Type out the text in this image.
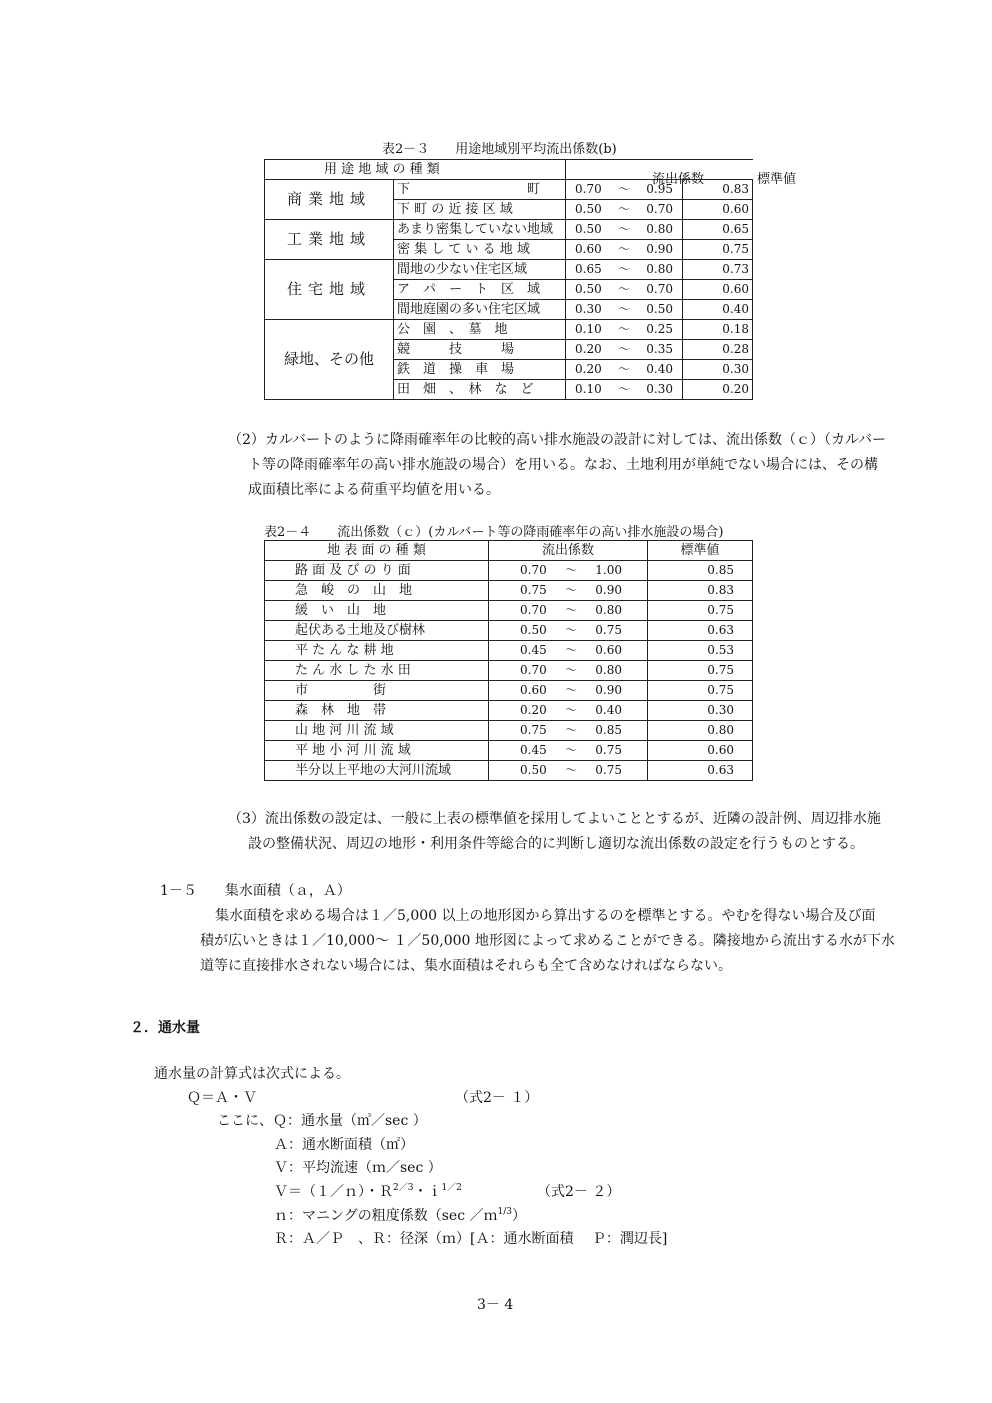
表2－３　　用途地域別平均流出係数(b)
用 途 地 域 の 種 類		流出係数 標準値	

商業地域	下　　　　　　　　　町	0.70 ～ 0.95	0.83

下 町 の 近 接 区 域	0.50 ～ 0.70	0.60
工業地域	あまり密集していない地域	0.50 ～ 0.80	0.65

密 集 し て い る 地 域	0.60 ～ 0.90	0.75
住宅地域	間地の少ない住宅区域	0.65 ～ 0.80	0.73

ア　パ　ー　ト　区　域	0.50 ～ 0.70	0.60

間地庭園の多い住宅区域	0.30 ～ 0.50	0.40
緑地、その他	公　園　、　墓　地	0.10 ～ 0.25	0.18

競　　　技　　　場	0.20 ～ 0.35	0.28

鉄　道　操　車　場	0.20 ～ 0.40	0.30

田　畑　、　林　な　ど	0.10 ～ 0.30	0.20
（2）カルバートのように降雨確率年の比較的高い排水施設の設計に対しては、流出係数（ｃ）（カルバー
ト等の降雨確率年の高い排水施設の場合）を用いる。なお、土地利用が単純でない場合には、その構
成面積比率による荷重平均値を用いる。
表2－４　　流出係数（ｃ）(カルバート等の降雨確率年の高い排水施設の場合)
地 表 面 の 種 類	流出係数	標準値

路 面 及 び の り 面	0.70 ～ 1.00	0.85

急　峻　の　山　地	0.75 ～ 0.90	0.83

緩　い　山　地	0.70 ～ 0.80	0.75

起伏ある土地及び樹林	0.50 ～ 0.75	0.63

平 た ん な 耕 地	0.45 ～ 0.60	0.53

た ん 水 し た 水 田	0.70 ～ 0.80	0.75

市　　　　　街	0.60 ～ 0.90	0.75

森　林　地　帯	0.20 ～ 0.40	0.30

山 地 河 川 流 域	0.75 ～ 0.85	0.80

平 地 小 河 川 流 域	0.45 ～ 0.75	0.60

半分以上平地の大河川流域	0.50 ～ 0.75	0.63
（3）流出係数の設定は、一般に上表の標準値を採用してよいこととするが、近隣の設計例、周辺排水施
設の整備状況、周辺の地形・利用条件等総合的に判断し適切な流出係数の設定を行うものとする。
1－５　　集水面積（ａ，Ａ）
集水面積を求める場合は１／5,000 以上の地形図から算出するのを標準とする。やむを得ない場合及び面
積が広いときは１／10,000～ １／50,000 地形図によって求めることができる。隣接地から流出する水が下水
道等に直接排水されない場合には、集水面積はそれらも全て含めなければならない。
２．通水量
通水量の計算式は次式による。
Ｑ＝Ａ・Ｖ	（式2－ １）
ここに、Ｑ：通水量（㎥／sec ）
Ａ：通水断面積（㎡）
Ｖ：平均流速（ｍ／sec ）
Ｖ＝（１／ｎ）・Ｒ$^{2/3}$・ｉ$^{1/2}$	（式2－ ２）
ｎ：マニングの粗度係数（sec ／ｍ$^{1/3}$）
Ｒ：Ａ／Ｐ　、Ｒ：径深（ｍ）[Ａ：通水断面積　 Ｐ：潤辺長]
3－ 4
